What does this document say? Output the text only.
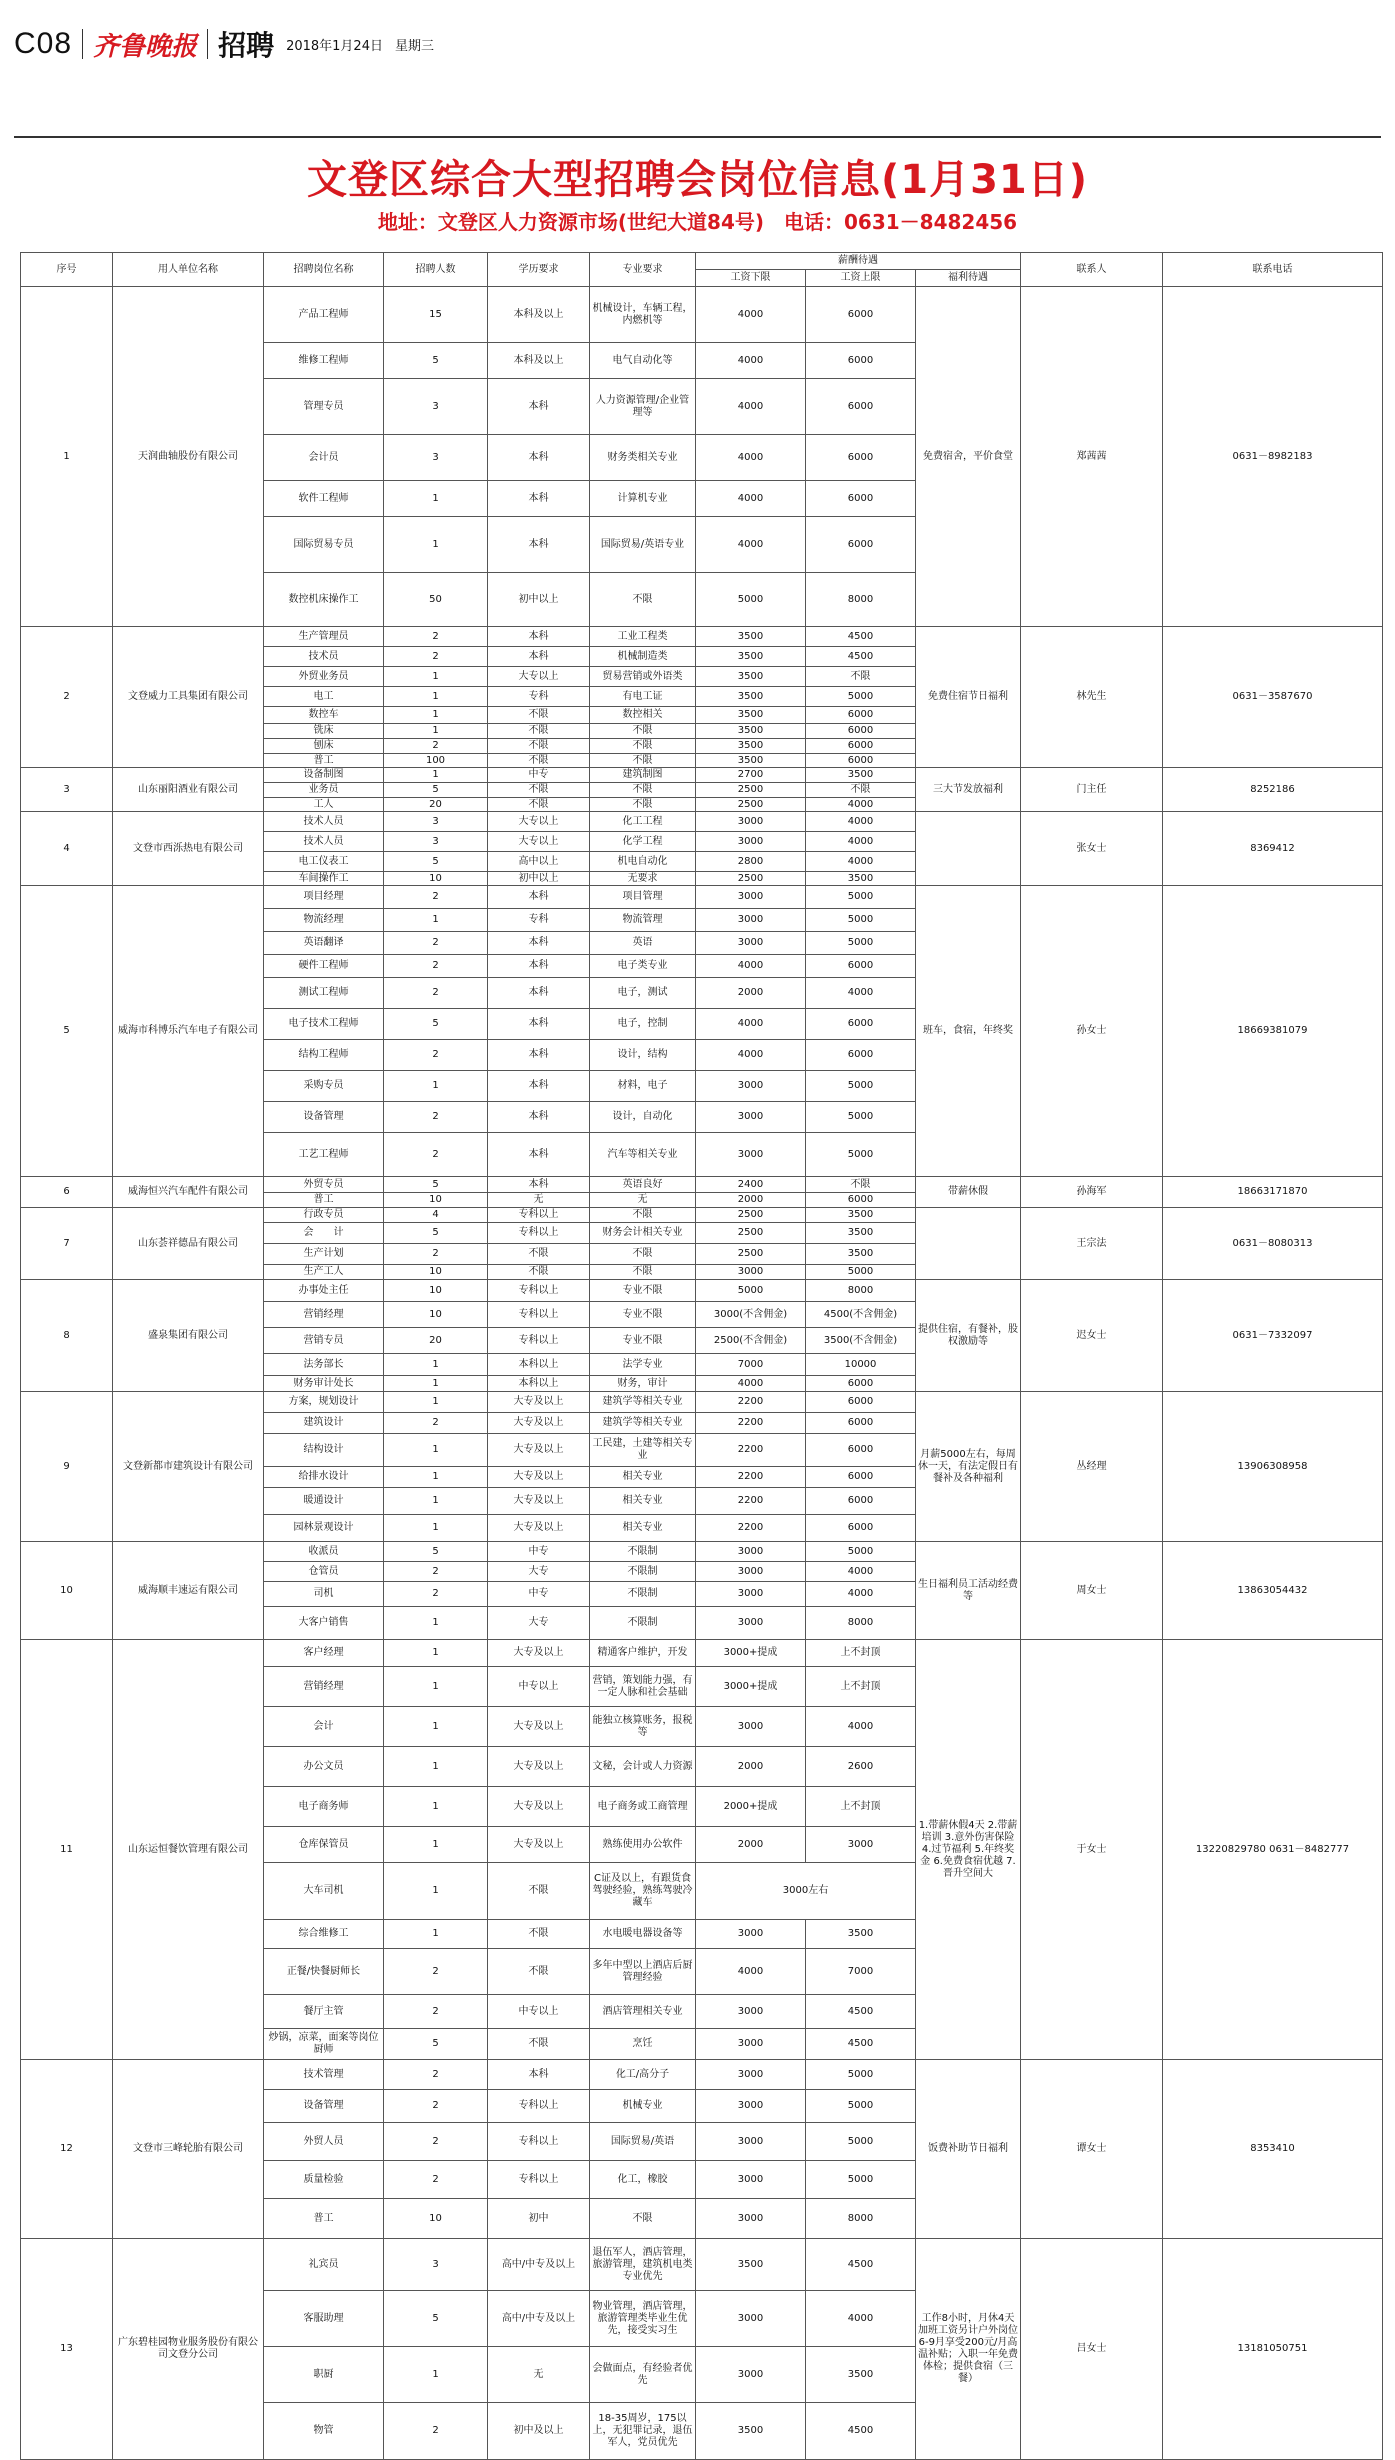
C08 齐鲁晚报 招聘 2018年1月24日 星期三
文登区综合大型招聘会岗位信息(1月31日)
地址：文登区人力资源市场(世纪大道84号)　电话：0631－8482456
序号	用人单位名称	招聘岗位名称	招聘人数	学历要求	专业要求	薪酬待遇			联系人	联系电话
						工资下限	工资上限	福利待遇		
1	天润曲轴股份有限公司	产品工程师	15	本科及以上	机械设计，车辆工程，内燃机等	4000	6000	免费宿舍，平价食堂	郑茜茜	0631－8982183
		维修工程师	5	本科及以上	电气自动化等	4000	6000			
		管理专员	3	本科	人力资源管理/企业管理等	4000	6000			
		会计员	3	本科	财务类相关专业	4000	6000			
		软件工程师	1	本科	计算机专业	4000	6000			
		国际贸易专员	1	本科	国际贸易/英语专业	4000	6000			
		数控机床操作工	50	初中以上	不限	5000	8000			
2	文登威力工具集团有限公司	生产管理员	2	本科	工业工程类	3500	4500	免费住宿节日福利	林先生	0631－3587670
		技术员	2	本科	机械制造类	3500	4500			
		外贸业务员	1	大专以上	贸易营销或外语类	3500	不限			
		电工	1	专科	有电工证	3500	5000			
		数控车	1	不限	数控相关	3500	6000			
		铣床	1	不限	不限	3500	6000			
		刨床	2	不限	不限	3500	6000			
		普工	100	不限	不限	3500	6000			
3	山东丽阳酒业有限公司	设备制图	1	中专	建筑制图	2700	3500	三大节发放福利	门主任	8252186
		业务员	5	不限	不限	2500	不限			
		工人	20	不限	不限	2500	4000			
4	文登市西泺热电有限公司	技术人员	3	大专以上	化工工程	3000	4000		张女士	8369412
		技术人员	3	大专以上	化学工程	3000	4000			
		电工仪表工	5	高中以上	机电自动化	2800	4000			
		车间操作工	10	初中以上	无要求	2500	3500			
5	威海市科博乐汽车电子有限公司	项目经理	2	本科	项目管理	3000	5000	班车，食宿，年终奖	孙女士	18669381079
		物流经理	1	专科	物流管理	3000	5000			
		英语翻译	2	本科	英语	3000	5000			
		硬件工程师	2	本科	电子类专业	4000	6000			
		测试工程师	2	本科	电子，测试	2000	4000			
		电子技术工程师	5	本科	电子，控制	4000	6000			
		结构工程师	2	本科	设计，结构	4000	6000			
		采购专员	1	本科	材料，电子	3000	5000			
		设备管理	2	本科	设计，自动化	3000	5000			
		工艺工程师	2	本科	汽车等相关专业	3000	5000			
6	威海恒兴汽车配件有限公司	外贸专员	5	本科	英语良好	2400	不限	带薪休假	孙海军	18663171870
		普工	10	无	无	2000	6000			
7	山东荟祥德品有限公司	行政专员	4	专科以上	不限	2500	3500		王宗法	0631－8080313
		会　　计	5	专科以上	财务会计相关专业	2500	3500			
		生产计划	2	不限	不限	2500	3500			
		生产工人	10	不限	不限	3000	5000			
8	盛泉集团有限公司	办事处主任	10	专科以上	专业不限	5000	8000	提供住宿，有餐补，股权激励等	迟女士	0631－7332097
		营销经理	10	专科以上	专业不限	3000(不含佣金)	4500(不含佣金)			
		营销专员	20	专科以上	专业不限	2500(不含佣金)	3500(不含佣金)			
		法务部长	1	本科以上	法学专业	7000	10000			
		财务审计处长	1	本科以上	财务，审计	4000	6000			
9	文登新都市建筑设计有限公司	方案，规划设计	1	大专及以上	建筑学等相关专业	2200	6000	月薪5000左右，每周休一天，有法定假日有餐补及各种福利	丛经理	13906308958
		建筑设计	2	大专及以上	建筑学等相关专业	2200	6000			
		结构设计	1	大专及以上	工民建，土建等相关专业	2200	6000			
		给排水设计	1	大专及以上	相关专业	2200	6000			
		暖通设计	1	大专及以上	相关专业	2200	6000			
		园林景观设计	1	大专及以上	相关专业	2200	6000			
10	威海顺丰速运有限公司	收派员	5	中专	不限制	3000	5000	生日福利员工活动经费等	周女士	13863054432
		仓管员	2	大专	不限制	3000	4000			
		司机	2	中专	不限制	3000	4000			
		大客户销售	1	大专	不限制	3000	8000			
11	山东运恒餐饮管理有限公司	客户经理	1	大专及以上	精通客户维护，开发	3000+提成	上不封顶	1.带薪休假4天 2.带薪培训 3.意外伤害保险 4.过节福利 5.年终奖金 6.免费食宿优越 7.晋升空间大	于女士	13220829780 0631－8482777
		营销经理	1	中专以上	营销，策划能力强，有一定人脉和社会基础	3000+提成	上不封顶			
		会计	1	大专及以上	能独立核算账务，报税等	3000	4000			
		办公文员	1	大专及以上	文秘，会计或人力资源	2000	2600			
		电子商务师	1	大专及以上	电子商务或工商管理	2000+提成	上不封顶			
		仓库保管员	1	大专及以上	熟练使用办公软件	2000	3000			
		大车司机	1	不限	C证及以上，有跟货食驾驶经验，熟练驾驶冷藏车	3000左右				
		综合维修工	1	不限	水电暖电器设备等	3000	3500			
		正餐/快餐厨师长	2	不限	多年中型以上酒店后厨管理经验	4000	7000			
		餐厅主管	2	中专以上	酒店管理相关专业	3000	4500			
		炒锅，凉菜，面案等岗位厨师	5	不限	烹饪	3000	4500			
12	文登市三峰轮胎有限公司	技术管理	2	本科	化工/高分子	3000	5000	饭费补助节日福利	谭女士	8353410
		设备管理	2	专科以上	机械专业	3000	5000			
		外贸人员	2	专科以上	国际贸易/英语	3000	5000			
		质量检验	2	专科以上	化工，橡胶	3000	5000			
		普工	10	初中	不限	3000	8000			
13	广东碧桂园物业服务股份有限公司文登分公司	礼宾员	3	高中/中专及以上	退伍军人，酒店管理，旅游管理，建筑机电类专业优先	3500	4500	工作8小时，月休4天 加班工资另计户外岗位6-9月享受200元/月高温补贴；入职一年免费体检；提供食宿（三餐）	吕女士	13181050751
		客服助理	5	高中/中专及以上	物业管理，酒店管理，旅游管理类毕业生优先，接受实习生	3000	4000			
		职厨	1	无	会做面点，有经验者优先	3000	3500			
		物管	2	初中及以上	18-35周岁，175以上，无犯罪记录，退伍军人，党员优先	3500	4500			
